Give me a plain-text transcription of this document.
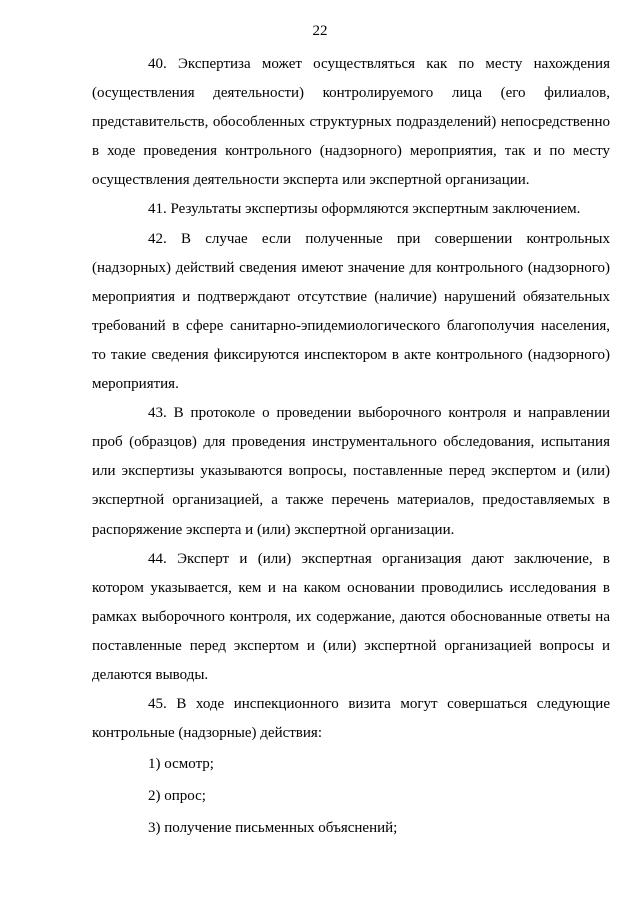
22

40. Экспертиза может осуществляться как по месту нахождения (осуществления деятельности) контролируемого лица (его филиалов, представительств, обособленных структурных подразделений) непосредственно в ходе проведения контрольного (надзорного) мероприятия, так и по месту осуществления деятельности эксперта или экспертной организации.

41. Результаты экспертизы оформляются экспертным заключением.

42. В случае если полученные при совершении контрольных (надзорных) действий сведения имеют значение для контрольного (надзорного) мероприятия и подтверждают отсутствие (наличие) нарушений обязательных требований в сфере санитарно-эпидемиологического благополучия населения, то такие сведения фиксируются инспектором в акте контрольного (надзорного) мероприятия.

43. В протоколе о проведении выборочного контроля и направлении проб (образцов) для проведения инструментального обследования, испытания или экспертизы указываются вопросы, поставленные перед экспертом и (или) экспертной организацией, а также перечень материалов, предоставляемых в распоряжение эксперта и (или) экспертной организации.

44. Эксперт и (или) экспертная организация дают заключение, в котором указывается, кем и на каком основании проводились исследования в рамках выборочного контроля, их содержание, даются обоснованные ответы на поставленные перед экспертом и (или) экспертной организацией вопросы и делаются выводы.

45. В ходе инспекционного визита могут совершаться следующие контрольные (надзорные) действия:

1) осмотр;

2) опрос;

3) получение письменных объяснений;
